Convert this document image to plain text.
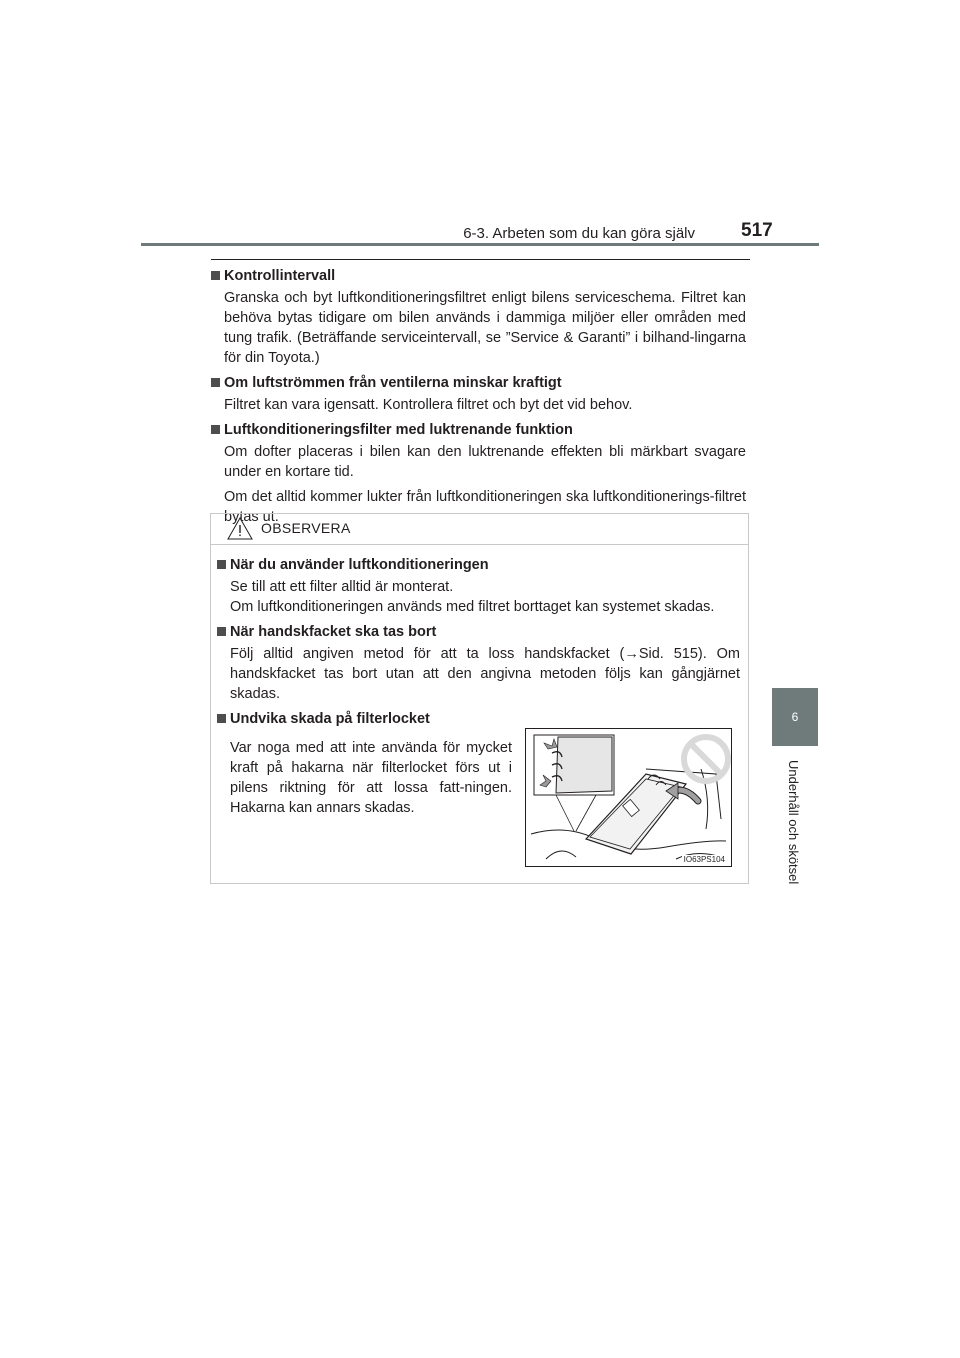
6-3. Arbeten som du kan göra själv 517
6
Underhåll och skötsel
Kontrollintervall
Granska och byt luftkonditioneringsfiltret enligt bilens serviceschema. Filtret kan behöva bytas tidigare om bilen används i dammiga miljöer eller områden med tung trafik. (Beträffande serviceintervall, se ”Service & Garanti” i bilhand-lingarna för din Toyota.)
Om luftströmmen från ventilerna minskar kraftigt
Filtret kan vara igensatt. Kontrollera filtret och byt det vid behov.
Luftkonditioneringsfilter med luktrenande funktion
Om dofter placeras i bilen kan den luktrenande effekten bli märkbart svagare under en kortare tid.
Om det alltid kommer lukter från luftkonditioneringen ska luftkonditionerings-filtret bytas ut.
OBSERVERA
När du använder luftkonditioneringen
Se till att ett filter alltid är monterat.
Om luftkonditioneringen används med filtret borttaget kan systemet skadas.
När handskfacket ska tas bort
Följ alltid angiven metod för att ta loss handskfacket (→Sid. 515). Om handskfacket tas bort utan att den angivna metoden följs kan gångjärnet skadas.
Undvika skada på filterlocket
Var noga med att inte använda för mycket kraft på hakarna när filterlocket förs ut i pilens riktning för att lossa fatt-ningen. Hakarna kan annars skadas.
IO63PS104
